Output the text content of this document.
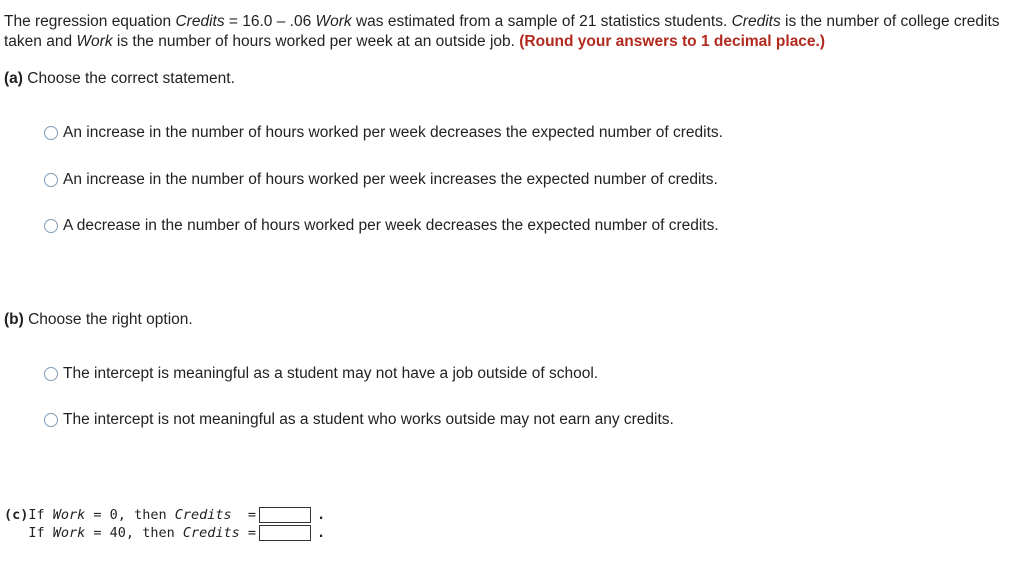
The regression equation Credits = 16.0 – .06 Work was estimated from a sample of 21 statistics students. Credits is the number of college credits taken and Work is the number of hours worked per week at an outside job. (Round your answers to 1 decimal place.)
(a) Choose the correct statement.
An increase in the number of hours worked per week decreases the expected number of credits.
An increase in the number of hours worked per week increases the expected number of credits.
A decrease in the number of hours worked per week decreases the expected number of credits.
(b) Choose the right option.
The intercept is meaningful as a student may not have a job outside of school.
The intercept is not meaningful as a student who works outside may not earn any credits.
(c) If Work = 0, then Credits =	.

If Work = 40, then Credits =	.
